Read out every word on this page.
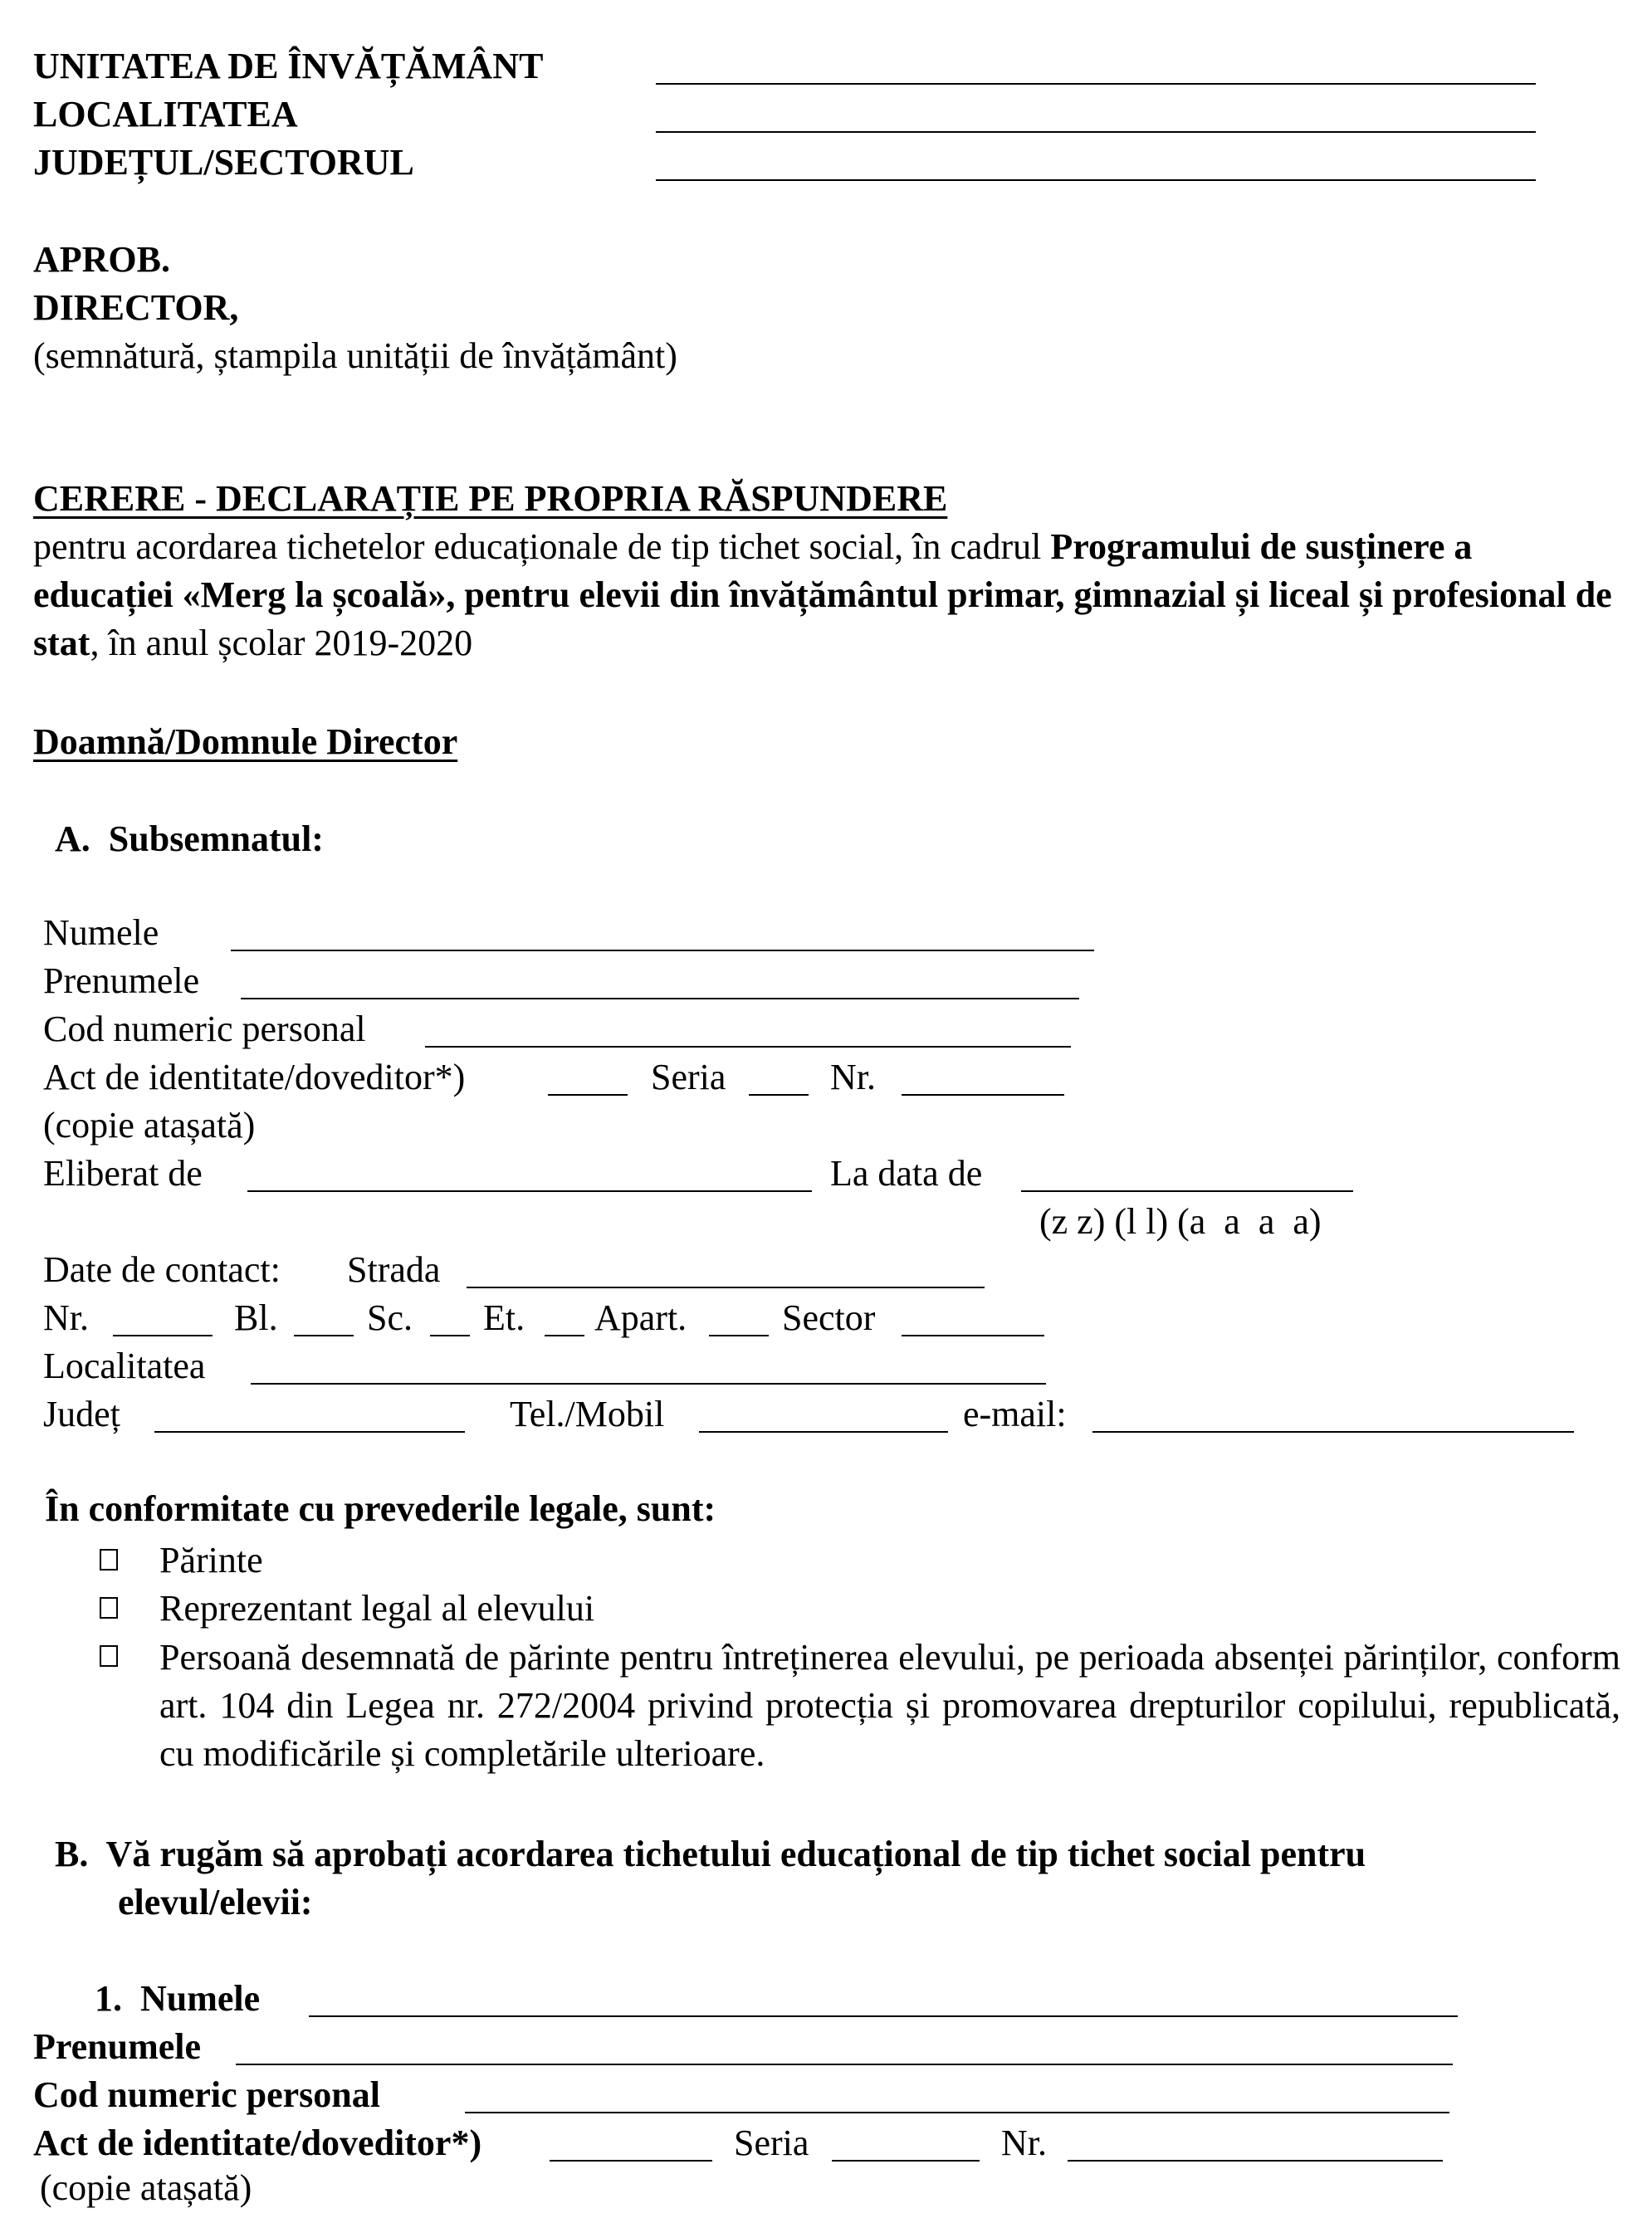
UNITATEA DE ÎNVĂȚĂMÂNT
LOCALITATEA
JUDEȚUL/SECTORUL
APROB.
DIRECTOR,
(semnătură, ștampila unității de învățământ)
CERERE - DECLARAȚIE PE PROPRIA RĂSPUNDERE
pentru acordarea tichetelor educaționale de tip tichet social, în cadrul Programului de susținere a educației «Merg la școală», pentru elevii din învățământul primar, gimnazial și liceal și profesional de stat, în anul școlar 2019-2020
Doamnă/Domnule Director
A.  Subsemnatul:
Numele
Prenumele
Cod numeric personal
Act de identitate/doveditor*)	Seria	Nr.
(copie atașată)
Eliberat de	La data de
(z z) (l l) (a  a  a  a)
Date de contact: Strada
Nr.	Bl. Sc. Et. Apart.	Sector
Localitatea
Județ	Tel./Mobil	e-mail:
În conformitate cu prevederile legale, sunt:
Părinte
Reprezentant legal al elevului
Persoană desemnată de părinte pentru întreținerea elevului, pe perioada absenței părinților, conform art. 104 din Legea nr. 272/2004 privind protecția și promovarea drepturilor copilului, republicată, cu modificările și completările ulterioare.
B.  Vă rugăm să aprobați acordarea tichetului educațional de tip tichet social pentru
elevul/elevii:
1.  Numele
Prenumele
Cod numeric personal
Act de identitate/doveditor*)	Seria	Nr.
(copie atașată)
